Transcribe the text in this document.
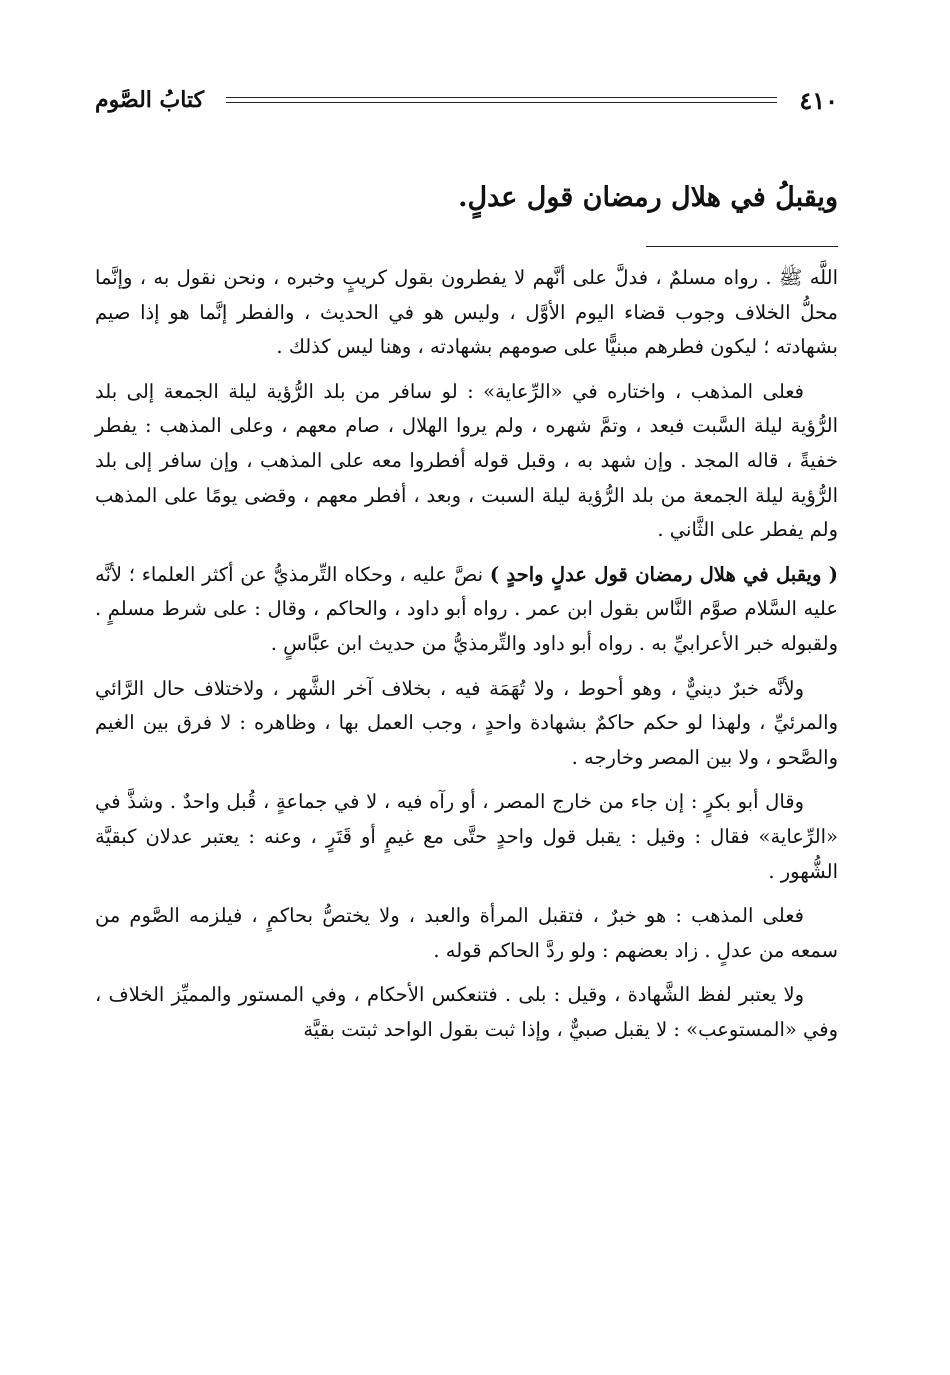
٤١٠
كتابُ الصَّوم
ويقبلُ في هلال رمضان قول عدلٍ.

اللَّه ﷺ . رواه مسلمٌ ، فدلَّ على أنَّهم لا يفطرون بقول كريبٍ وخبره ، ونحن نقول به ، وإنَّما محلُّ الخلاف وجوب قضاء اليوم الأوَّل ، وليس هو في الحديث ، والفطر إنَّما هو إذا صيم بشهادته ؛ ليكون فطرهم مبنيًّا على صومهم بشهادته ، وهنا ليس كذلك .

فعلى المذهب ، واختاره في «الرِّعاية» : لو سافر من بلد الرُّؤية ليلة الجمعة إلى بلد الرُّؤية ليلة السَّبت فبعد ، وتمَّ شهره ، ولم يروا الهلال ، صام معهم ، وعلى المذهب : يفطر خفيةً ، قاله المجد . وإن شهد به ، وقبل قوله أفطروا معه على المذهب ، وإن سافر إلى بلد الرُّؤية ليلة الجمعة من بلد الرُّؤية ليلة السبت ، وبعد ، أفطر معهم ، وقضى يومًا على المذهب ولم يفطر على الثَّاني .

( ويقبل في هلال رمضان قول عدلٍ واحدٍ ) نصَّ عليه ، وحكاه التِّرمذيُّ عن أكثر العلماء ؛ لأنَّه عليه السَّلام صوَّم النَّاس بقول ابن عمر . رواه أبو داود ، والحاكم ، وقال : على شرط مسلمٍ . ولقبوله خبر الأعرابيِّ به . رواه أبو داود والتِّرمذيُّ من حديث ابن عبَّاسٍ .

ولأنَّه خبرٌ دينيٌّ ، وهو أحوط ، ولا تُهَمَة فيه ، بخلاف آخر الشَّهر ، ولاختلاف حال الرَّائي والمرئيِّ ، ولهذا لو حكم حاكمٌ بشهادة واحدٍ ، وجب العمل بها ، وظاهره : لا فرق بين الغيم والصَّحو ، ولا بين المصر وخارجه .

وقال أبو بكرٍ : إن جاء من خارج المصر ، أو رآه فيه ، لا في جماعةٍ ، قُبل واحدٌ . وشذَّ في «الرِّعاية» فقال : وقيل : يقبل قول واحدٍ حتَّى مع غيمٍ أو قَتَرٍ ، وعنه : يعتبر عدلان كبقيَّة الشُّهور .

فعلى المذهب : هو خبرٌ ، فتقبل المرأة والعبد ، ولا يختصُّ بحاكمٍ ، فيلزمه الصَّوم من سمعه من عدلٍ . زاد بعضهم : ولو ردَّ الحاكم قوله .

ولا يعتبر لفظ الشَّهادة ، وقيل : بلى . فتنعكس الأحكام ، وفي المستور والمميِّز الخلاف ، وفي «المستوعب» : لا يقبل صبيٌّ ، وإذا ثبت بقول الواحد ثبتت بقيَّة
